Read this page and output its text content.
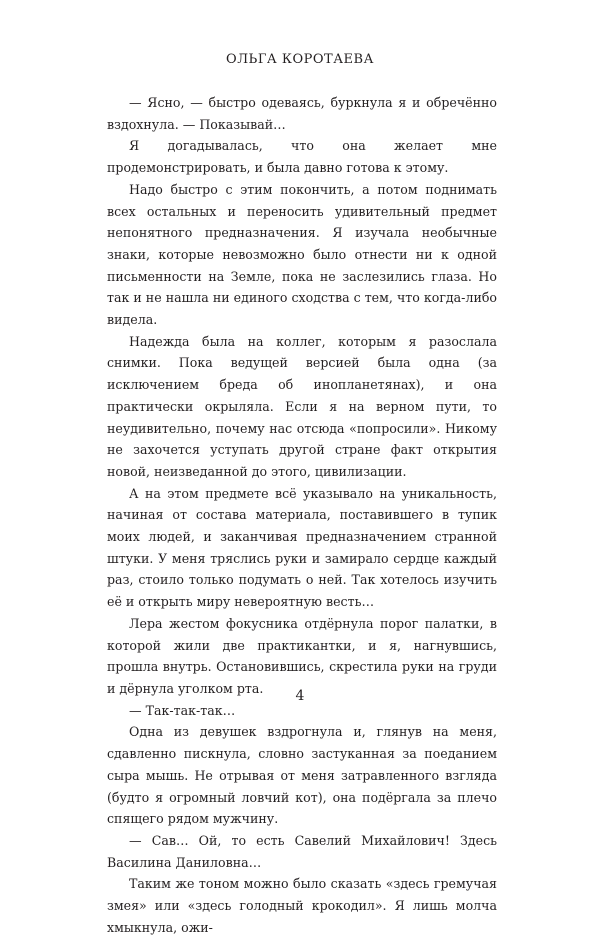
ОЛЬГА КОРОТАЕВА

— Ясно, — быстро одеваясь, буркнула я и обречённо вздохнула. — Показывай…

Я догадывалась, что она желает мне продемонстрировать, и была давно готова к этому.

Надо быстро с этим покончить, а потом поднимать всех остальных и переносить удивительный предмет непонятного предназначения. Я изучала необычные знаки, которые невозможно было отнести ни к одной письменности на Земле, пока не заслезились глаза. Но так и не нашла ни единого сходства с тем, что когда-либо видела.

Надежда была на коллег, которым я разослала снимки. Пока ведущей версией была одна (за исключением бреда об инопланетянах), и она практически окрыляла. Если я на верном пути, то неудивительно, почему нас отсюда «попросили». Никому не захочется уступать другой стране факт открытия новой, неизведанной до этого, цивилизации.

А на этом предмете всё указывало на уникальность, начиная от состава материала, поставившего в тупик моих людей, и заканчивая предназначением странной штуки. У меня тряслись руки и замирало сердце каждый раз, стоило только подумать о ней. Так хотелось изучить её и открыть миру невероятную весть…

Лера жестом фокусника отдёрнула порог палатки, в которой жили две практикантки, и я, нагнувшись, прошла внутрь. Остановившись, скрестила руки на груди и дёрнула уголком рта.

— Так-так-так…

Одна из девушек вздрогнула и, глянув на меня, сдавленно пискнула, словно застуканная за поеданием сыра мышь. Не отрывая от меня затравленного взгляда (будто я огромный ловчий кот), она подёргала за плечо спящего рядом мужчину.

— Сав… Ой, то есть Савелий Михайлович! Здесь Василина Даниловна…

Таким же тоном можно было сказать «здесь гремучая змея» или «здесь голодный крокодил». Я лишь молча хмыкнула, ожи-

4
